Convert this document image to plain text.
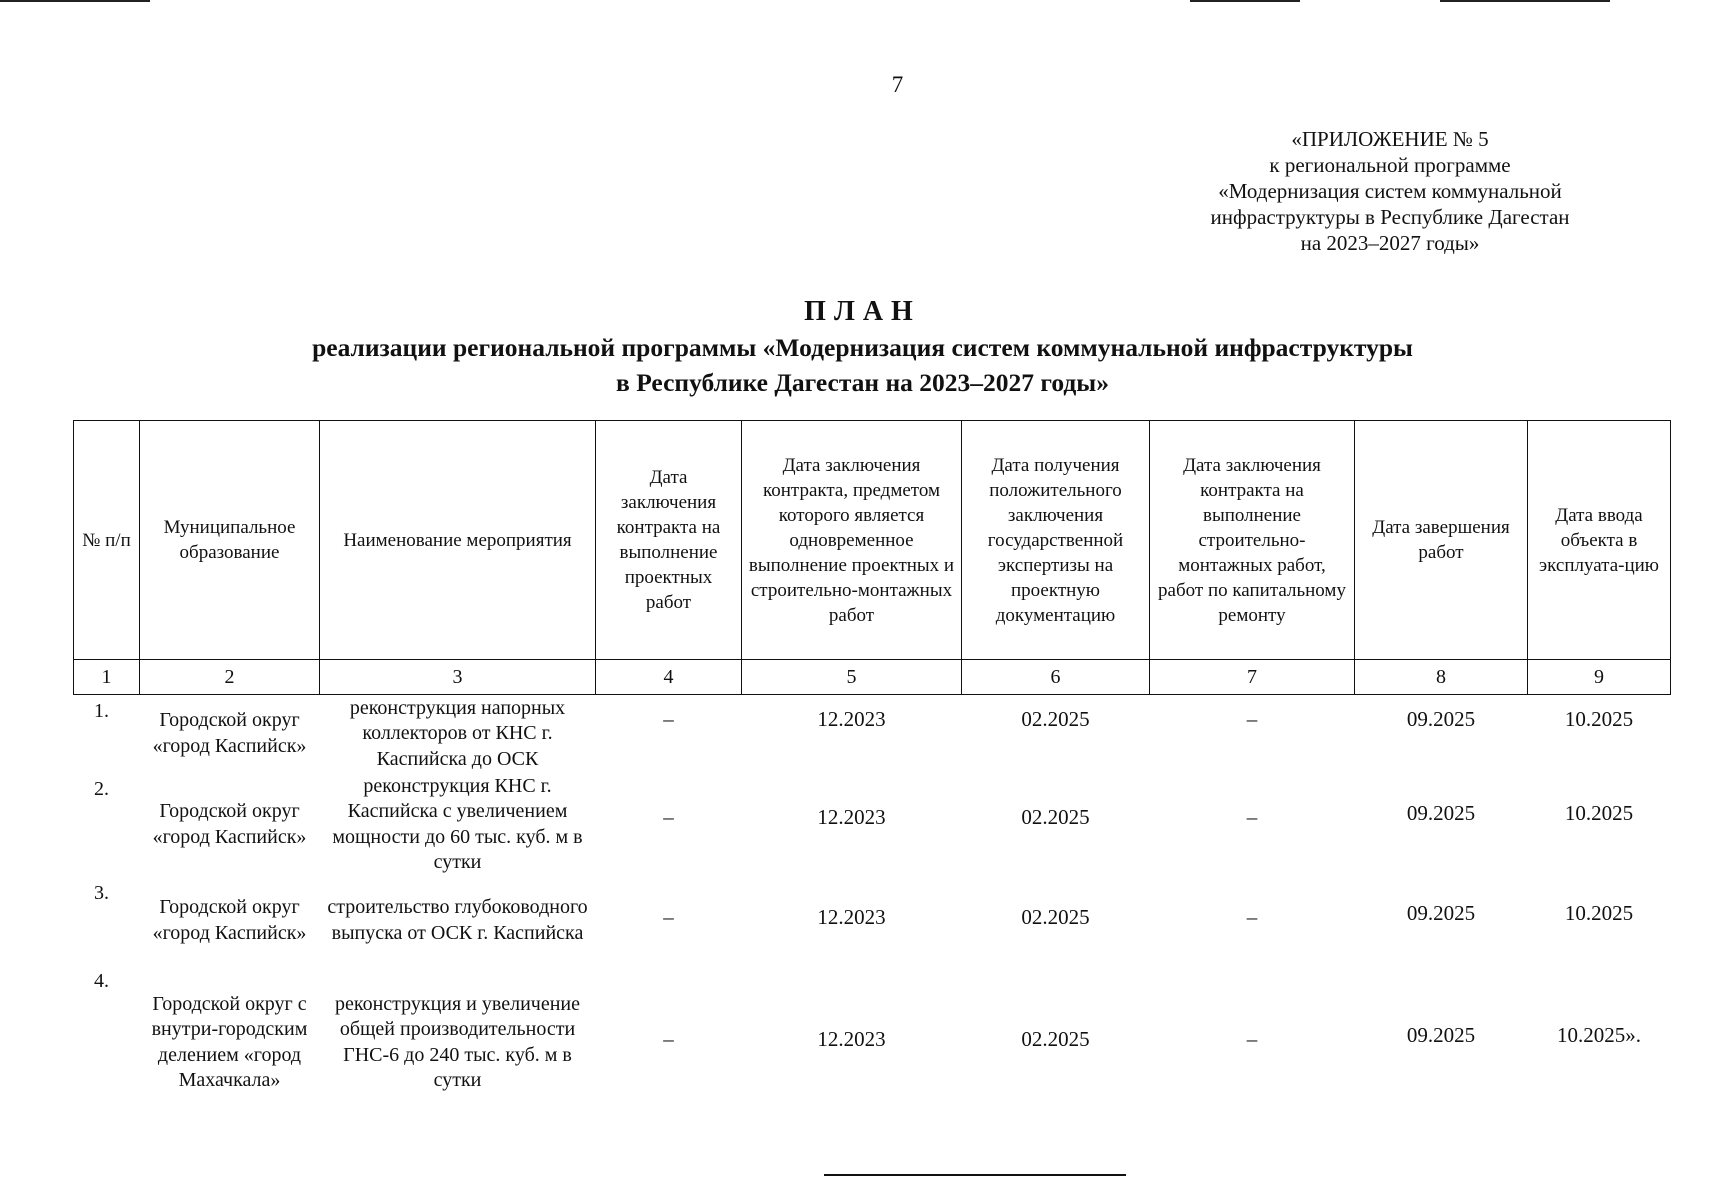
7
«ПРИЛОЖЕНИЕ № 5
к региональной программе
«Модернизация систем коммунальной
инфраструктуры в Республике Дагестан
на 2023–2027 годы»
ПЛАН
реализации региональной программы «Модернизация систем коммунальной инфраструктуры
в Республике Дагестан на 2023–2027 годы»
№ п/п	Муниципальное образование	Наименование мероприятия	Дата заключения контракта на выполнение проектных работ	Дата заключения контракта, предметом которого является одновременное выполнение проектных и строительно-монтажных работ	Дата получения положительного заключения государственной экспертизы на проектную документацию	Дата заключения контракта на выполнение строительно-монтажных работ, работ по капитальному ремонту	Дата завершения работ	Дата ввода объекта в эксплуата-цию
1	2	3	4	5	6	7	8	9
1.	Городской округ «город Каспийск»	реконструкция напорных коллекторов от КНС г. Каспийска до ОСК	–	12.2023	02.2025	–	09.2025	10.2025
2.	Городской округ «город Каспийск»	реконструкция КНС г. Каспийска с увеличением мощности до 60 тыс. куб. м в сутки	–	12.2023	02.2025	–	09.2025	10.2025
3.	Городской округ «город Каспийск»	строительство глубоководного выпуска от ОСК г. Каспийска	–	12.2023	02.2025	–	09.2025	10.2025
4.	Городской округ с внутри-городским делением «город Махачкала»	реконструкция и увеличение общей производительности ГНС-6 до 240 тыс. куб. м в сутки	–	12.2023	02.2025	–	09.2025	10.2025».
